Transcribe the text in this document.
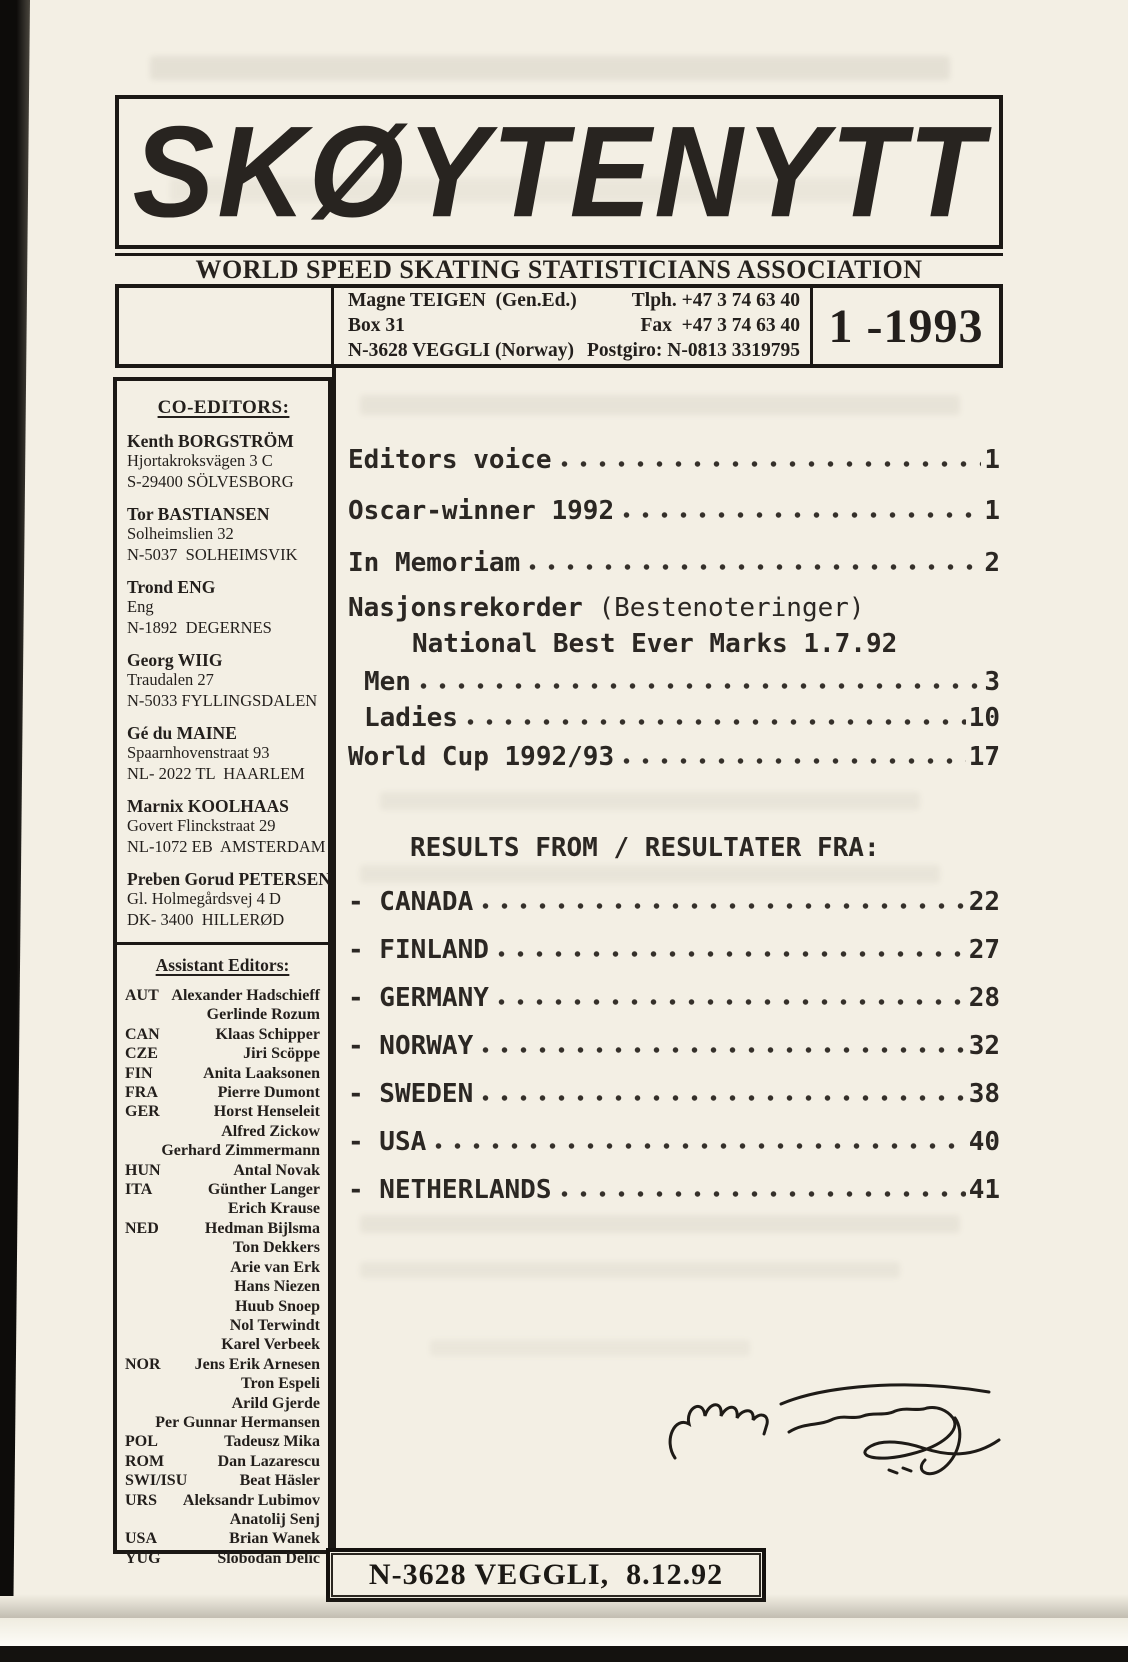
SKØYTENYTT
WORLD SPEED SKATING STATISTICIANS ASSOCIATION
Magne TEIGEN  (Gen.Ed.)
Box 31
N-3628 VEGGLI (Norway)
Tlph. +47 3 74 63 40
Fax  +47 3 74 63 40
Postgiro: N-0813 3319795 1 -1993
CO-EDITORS:
Kenth BORGSTRÖM
Hjortakroksvägen 3 C
S-29400 SÖLVESBORG
Tor BASTIANSEN
Solheimslien 32
N-5037  SOLHEIMSVIK
Trond ENG
Eng
N-1892  DEGERNES
Georg WIIG
Traudalen 27
N-5033 FYLLINGSDALEN
Gé du MAINE
Spaarnhovenstraat 93
NL- 2022 TL  HAARLEM
Marnix KOOLHAAS
Govert Flinckstraat 29
NL-1072 EB  AMSTERDAM
Preben Gorud PETERSEN
Gl. Holmegårdsvej 4 D
DK- 3400  HILLERØD
Assistant Editors:
AUT Alexander Hadschieff
Gerlinde Rozum
CAN	Klaas Schipper
CZE	Jiri Scöppe
FIN	Anita Laaksonen
FRA	Pierre Dumont
GER	Horst Henseleit
Alfred Zickow
Gerhard Zimmermann
HUN	Antal Novak
ITA	Günther Langer
Erich Krause
NED	Hedman Bijlsma
Ton Dekkers
Arie van Erk
Hans Niezen
Huub Snoep
Nol Terwindt
Karel Verbeek
NOR	Jens Erik Arnesen
Tron Espeli
Arild Gjerde
Per Gunnar Hermansen
POL	Tadeusz Mika
ROM	Dan Lazarescu
SWI/ISU	Beat Häsler
URS	Aleksandr Lubimov
Anatolij Senj
USA	Brian Wanek
YUG	Slobodan Delic
Editors voice	1
Oscar-winner 1992	1
In Memoriam	2
Nasjonsrekorder (Bestenoteringer)
National Best Ever Marks 1.7.92
Men	3
Ladies	10
World Cup 1992/93	17
RESULTS FROM / RESULTATER FRA:
- CANADA	22
- FINLAND	27
- GERMANY	28
- NORWAY	32
- SWEDEN	38
- USA	40
- NETHERLANDS	41
N-3628 VEGGLI,  8.12.92
